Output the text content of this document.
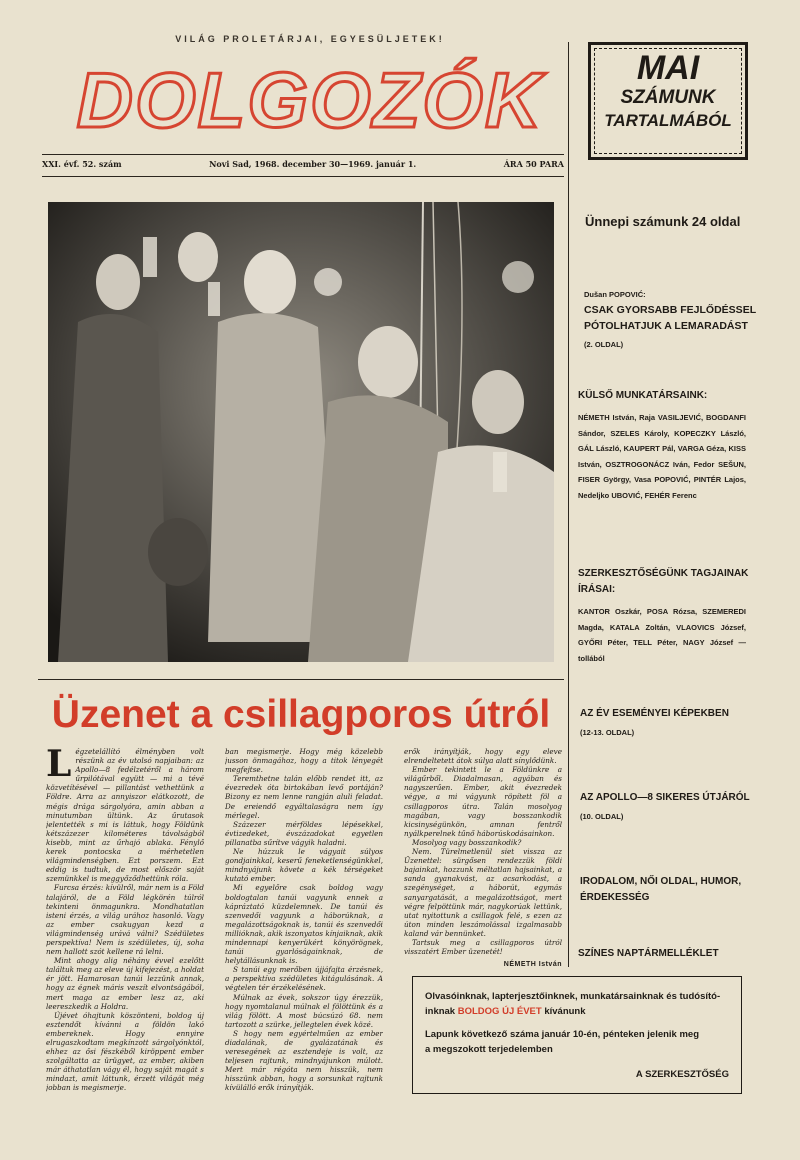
VILÁG PROLETÁRJAI, EGYESÜLJETEK!
DOLGOZÓK
XXI. évf. 52. szám	Novi Sad, 1968. december 30—1969. január 1.	ÁRA 50 PARA
Üzenet a csillagporos útról
L égzetelállító élményben volt részünk az év utolsó napjaiban: az Apollo—8 fedélzetéről a három űrpilótával együtt — mi a tévé közvetítésével — pillantást vethettünk a Földre. Arra az annyiszor elátkozott, de mégis drága sárgolyóra, amin abban a minutumban ültünk. Az űrutasok jelentették s mi is láttuk, hogy Földünk kétszázezer kilométeres távolságból kisebb, mint az űrhajó ablaka. Fénylő kerek pontocska a mérhetetlen világmindenségben. Ezt porszem. Ezt eddig is tudtuk, de most először saját szemünkkel is meggyőződhettünk róla.

Furcsa érzés: kívülről, már nem is a Föld talajáról, de a Föld légkörén túlról tekinteni önmagunkra. Mondhatatlan isteni érzés, a világ urához hasonló. Vagy az ember csakugyan kezd a világmindenség urává válni? Szédületes perspektíva! Nem is szédületes, új, soha nem hallott szót kellene rá lelni.

Mint ahogy alig néhány évvel ezelőtt találtuk meg az eleve új kifejezést, a holdat ér jött. Hamarosan tanúi lezzünk annak, hogy az égnek máris veszít elvontságából, mert maga az ember lesz az, aki leereszkedik a Holdra.

Újévet óhajtunk köszönteni, boldog új esztendőt kívánni a földön lakó embereknek. Hogy ennyire elrugaszkodtam megkínzott sárgolyónktól, ehhez az ősi fészkéből kiröppent ember szolgáltatta az ürügyet, az ember, akiben már áthatatlan vágy él, hogy saját magát s mindazt, amit láttunk, érzett világát még jobban is megismerje.

ban megismerje. Hogy még közelebb jusson önmagához, hogy a titok lényegét megfejtse.

Teremthetne talán előbb rendet itt, az évezredek óta birtokában levő portáján? Bizony ez nem lenne rangján aluli feladat. De ereiendő egyáltalaságra nem így mérlegel.

Százezer mérföldes lépésekkel, évtizedeket, évszázadokat egyetlen pillanatba sűrítve vágyik haladni.

Ne húzzuk le vágyait súlyos gondjainkkal, keserű feneketlenségünkkel, mindnyájunk követe a kék térségeket kutató ember.

Mi egyelőre csak boldog vagy boldogtalan tanúi vagyunk ennek a kápráztató küzdelemnek. De tanúi és szenvedői vagyunk a háborúknak, a megalázottságoknak is, tanúi és szenvedői millióknak, akik iszonyatos kínjaiknak, akik mindennapi kenyerükért könyörögnek, tanúi gyarlóságainknak, de helytállásunknak is.

S tanúi egy merőben újjáfajta érzésnek, a perspektíva szédületes kitágulásának. A végtelen tér érzékelésének.

Múlnak az évek, sokszor úgy érezzük, hogy nyomtalanul múlnak el fölöttünk és a világ fölött. A most búcsúzó 68. nem tartozott a szürke, jellegtelen évek közé.

S hogy nem egyértelműen az ember diadalának, de gyalázatának és veresegének az esztendeje is volt, az teljesen rajtunk, mindnyájunkon múlott. Mert már régóta nem hisszük, nem hisszünk abban, hogy a sorsunkat rajtunk kívülálló erők irányítják.

erők irányítják, hogy egy eleve elrendeltetett átok súlya alatt sínylődünk.

Ember tekintett le a Földünkre a világűrből. Diadalmasan, agyában és nagyszerűen. Ember, akit évezredek végye, a mi vágyunk röpített föl a csillagporos útra. Talán mosolyog magában, vagy bosszankodik kicsinységünkön, amnan fentről nyálkperelnek tűnő háborúskodásainkon.

Mosolyog vagy bosszankodik?

Nem. Türelmetlenül siet vissza az Üzenettel: sürgősen rendezzük földi bajainkat, hozzunk méltatlan hajsainkat, a sanda gyanakvást, az acsarkodást, a szegénységet, a háborút, egymás sanyargatását, a megalázottságot, mert végre felpöttünk már, nagykorúak lettünk, utat nyitottunk a csillagok felé, s ezen az úton minden leszámolással izgalmasabb kaland vár bennünket.

Tartsuk meg a csillagporos útról visszatért Ember üzenetét!

NÉMETH István
MAI
SZÁMUNK
TARTALMÁBÓL
Ünnepi számunk 24 oldal
Dušan POPOVIĆ:
CSAK GYORSABB FEJLŐDÉSSEL
PÓTOLHATJUK A LEMARADÁST
(2. OLDAL)
KÜLSŐ MUNKATÁRSAINK:
NÉMETH István, Raja VASILJEVIĆ, BOGDANFI Sándor, SZELES Károly, KOPECZKY László, GÁL László, KAUPERT Pál, VARGA Géza, KISS István, OSZTROGONÁCZ Iván, Fedor SEŠUN, FISER György, Vasa POPOVIĆ, PINTÉR Lajos, Nedeljko UBOVIĆ, FEHÉR Ferenc
SZERKESZTŐSÉGÜNK TAGJAINAK
ÍRÁSAI:
KANTOR Oszkár, POSA Rózsa, SZEMEREDI Magda, KATALA Zoltán, VLAOVICS József, GYŐRI Péter, TELL Péter, NAGY József — tollából
AZ ÉV ESEMÉNYEI KÉPEKBEN
(12-13. OLDAL)
AZ APOLLO—8 SIKERES ÚTJÁRÓL
(10. OLDAL)
IRODALOM, NŐI OLDAL, HUMOR,
ÉRDEKESSÉG
SZÍNES NAPTÁRMELLÉKLET

Olvasóinknak, lapterjesztőinknek, munkatársainknak és tudósító-

inknak BOLDOG ÚJ ÉVET kívánunk

Lapunk következő száma január 10-én, pénteken jelenik meg

a megszokott terjedelemben

A SZERKESZTŐSÉG
